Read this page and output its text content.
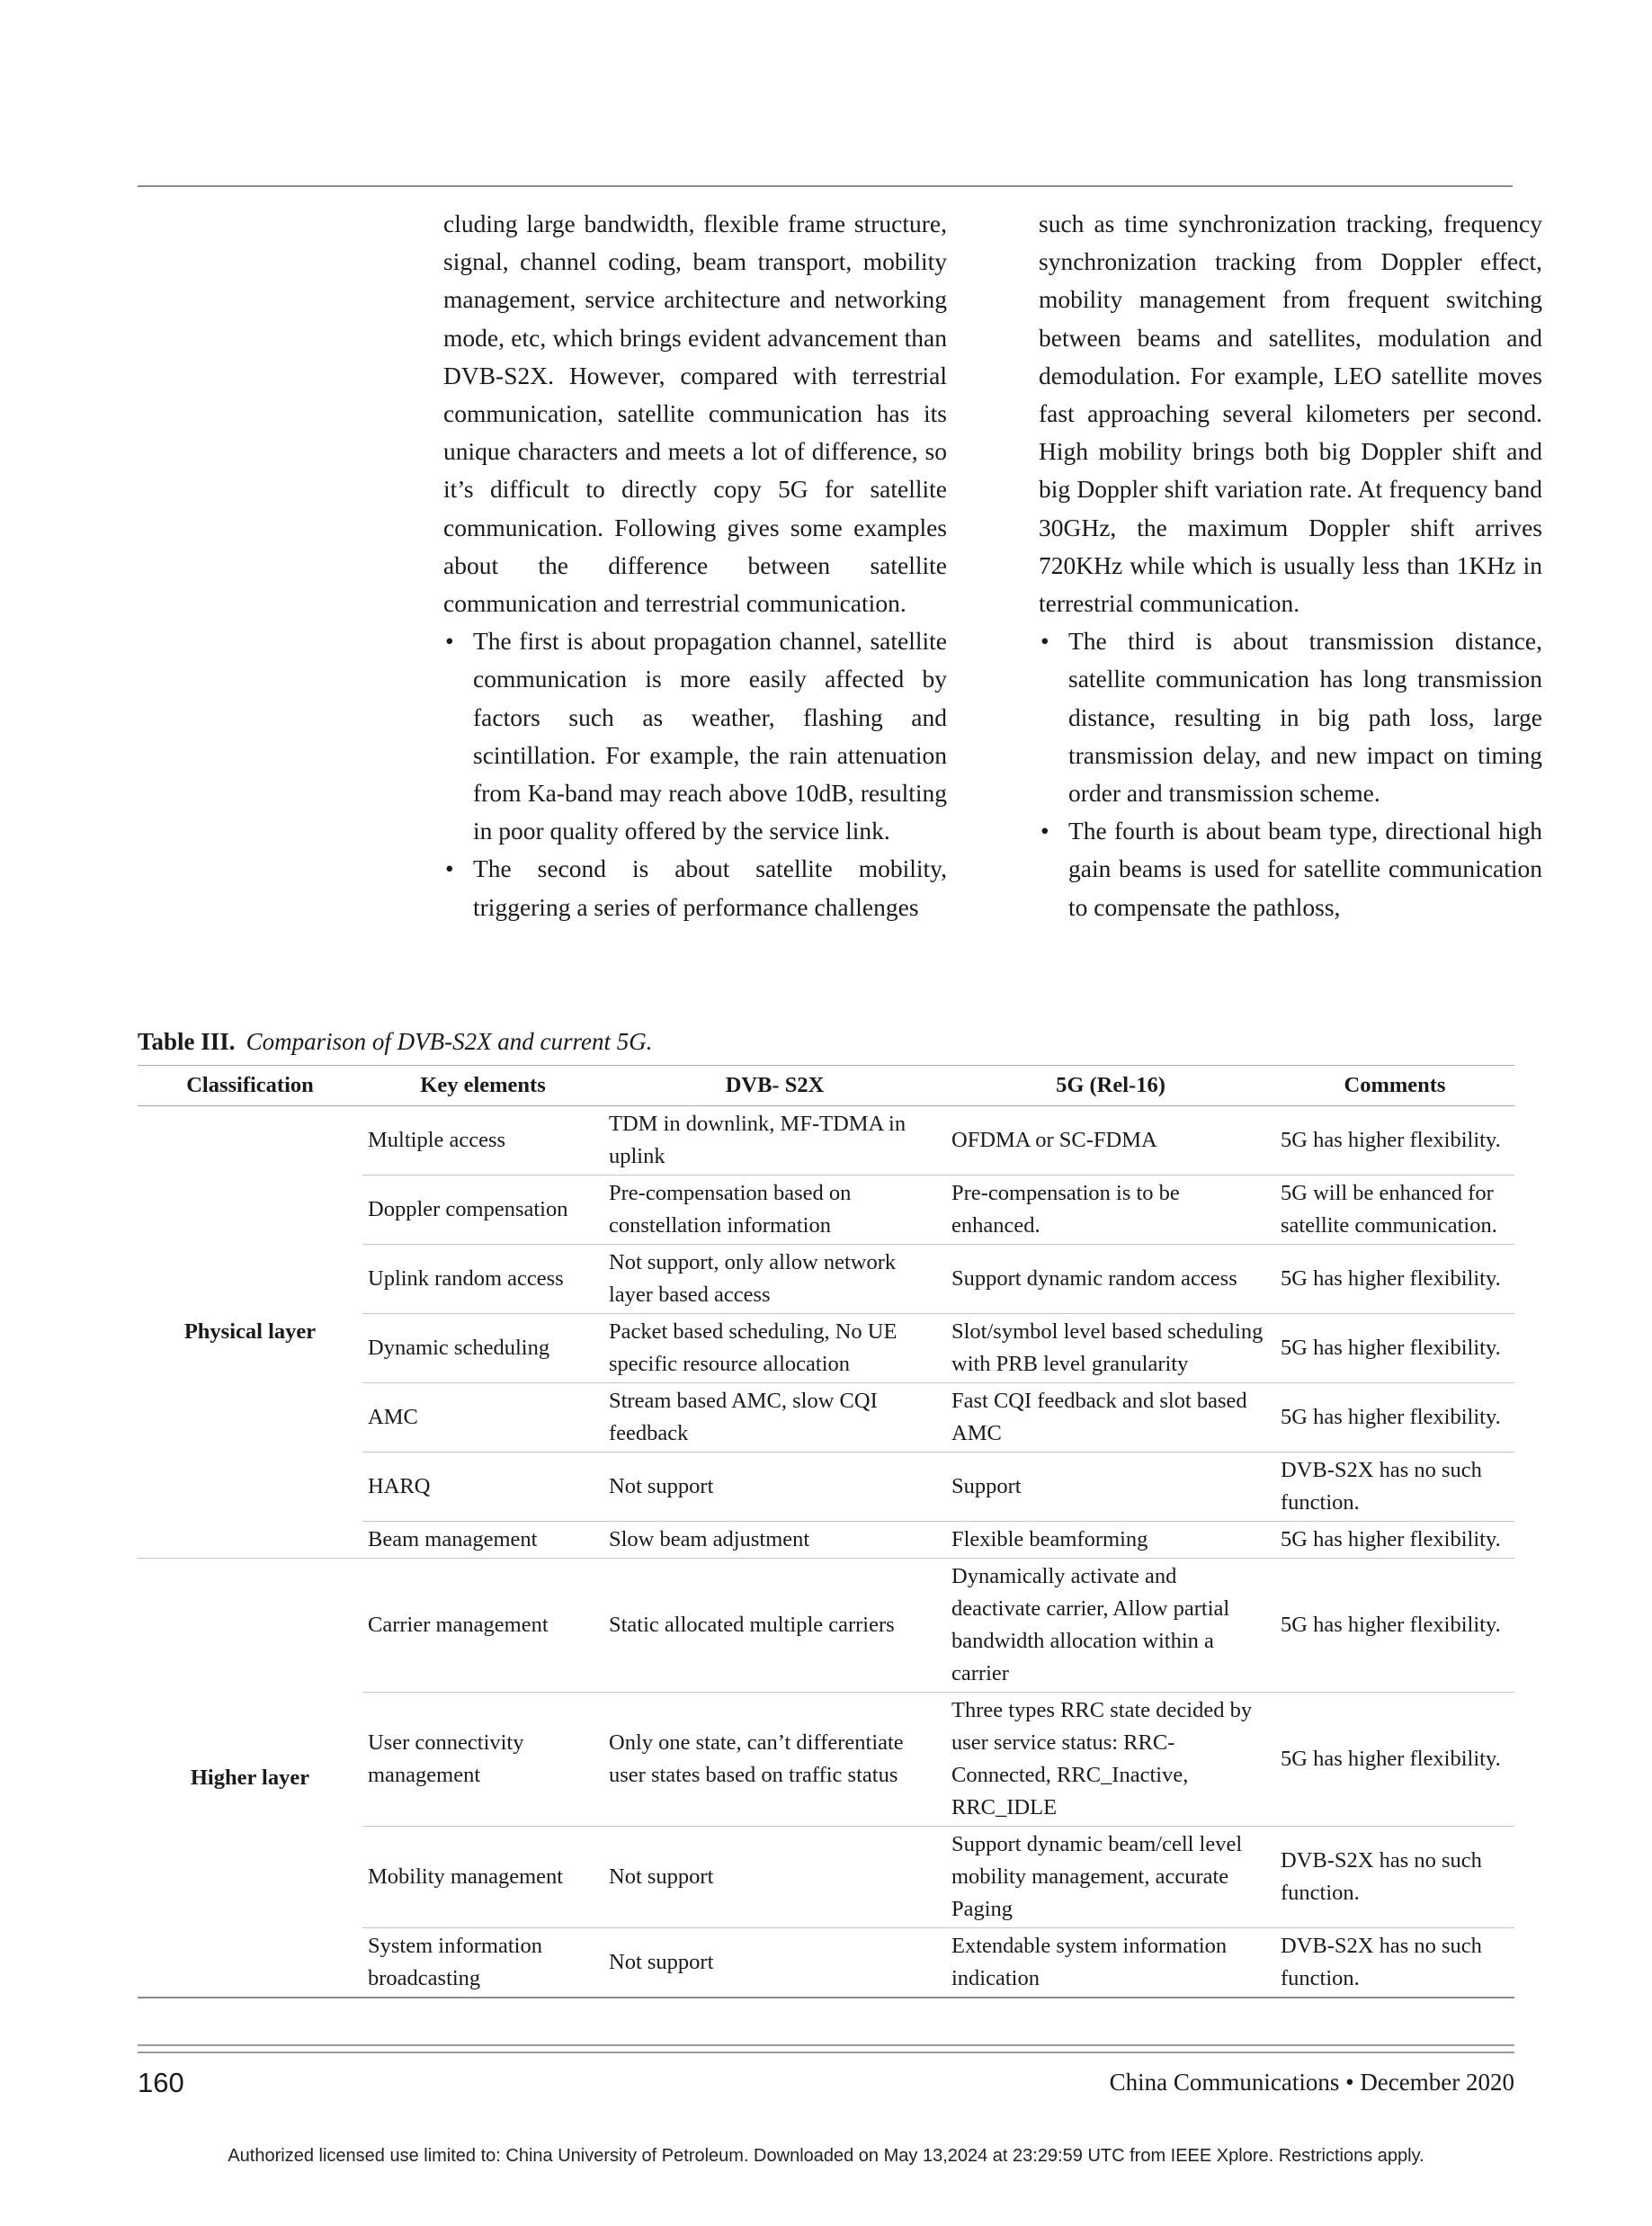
cluding large bandwidth, flexible frame structure, signal, channel coding, beam transport, mobility management, service architecture and networking mode, etc, which brings evident advancement than DVB-S2X. However, compared with terrestrial communication, satellite communication has its unique characters and meets a lot of difference, so it’s difficult to directly copy 5G for satellite communication. Following gives some examples about the difference between satellite communication and terrestrial communication.

• The first is about propagation channel, satellite communication is more easily affected by factors such as weather, flashing and scintillation. For example, the rain attenuation from Ka-band may reach above 10dB, resulting in poor quality offered by the service link.
• The second is about satellite mobility, triggering a series of performance challenges

such as time synchronization tracking, frequency synchronization tracking from Doppler effect, mobility management from frequent switching between beams and satellites, modulation and demodulation. For example, LEO satellite moves fast approaching several kilometers per second. High mobility brings both big Doppler shift and big Doppler shift variation rate. At frequency band 30GHz, the maximum Doppler shift arrives 720KHz while which is usually less than 1KHz in terrestrial communication.

• The third is about transmission distance, satellite communication has long transmission distance, resulting in big path loss, large transmission delay, and new impact on timing order and transmission scheme.
• The fourth is about beam type, directional high gain beams is used for satellite communication to compensate the pathloss,
Table III. Comparison of DVB-S2X and current 5G.
Classification	Key elements	DVB- S2X	5G (Rel-16)	Comments
Physical layer	Multiple access	TDM in downlink, MF-TDMA in uplink	OFDMA or SC-FDMA	5G has higher flexibility.
	Doppler compensation	Pre-compensation based on constellation information	Pre-compensation is to be enhanced.	5G will be enhanced for satellite communication.
	Uplink random access	Not support, only allow network layer based access	Support dynamic random access	5G has higher flexibility.
	Dynamic scheduling	Packet based scheduling, No UE specific resource allocation	Slot/symbol level based scheduling with PRB level granularity	5G has higher flexibility.
	AMC	Stream based AMC, slow CQI feedback	Fast CQI feedback and slot based AMC	5G has higher flexibility.
	HARQ	Not support	Support	DVB-S2X has no such function.
	Beam management	Slow beam adjustment	Flexible beamforming	5G has higher flexibility.
Higher layer	Carrier management	Static allocated multiple carriers	Dynamically activate and deactivate carrier, Allow partial bandwidth allocation within a carrier	5G has higher flexibility.
	User connectivity management	Only one state, can’t differentiate user states based on traffic status	Three types RRC state decided by user service status: RRC-Connected, RRC_Inactive, RRC_IDLE	5G has higher flexibility.
	Mobility management	Not support	Support dynamic beam/cell level mobility management, accurate Paging	DVB-S2X has no such function.
	System information broadcasting	Not support	Extendable system information indication	DVB-S2X has no such function.
160	China Communications • December 2020
Authorized licensed use limited to: China University of Petroleum. Downloaded on May 13,2024 at 23:29:59 UTC from IEEE Xplore. Restrictions apply.
